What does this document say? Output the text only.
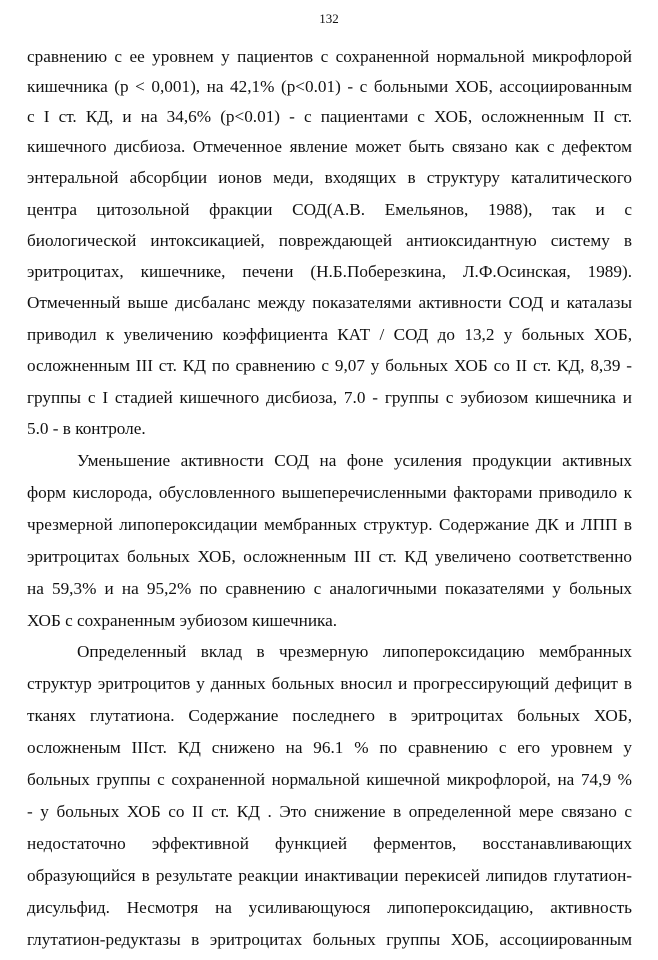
132
сравнению с ее уровнем у пациентов с сохраненной нормальной микрофлорой
кишечника (р < 0,001), на 42,1% (р<0.01) - с больными ХОБ, ассоциированным
с I ст. КД, и на 34,6% (р<0.01) - с пациентами с ХОБ, осложненным II ст.
кишечного дисбиоза. Отмеченное явление может быть связано как с дефектом
энтеральной абсорбции ионов меди, входящих в структуру каталитического
центра цитозольной фракции СОД(А.В. Емельянов, 1988), так и с
биологической интоксикацией, повреждающей антиоксидантную систему в
эритроцитах, кишечнике, печени (Н.Б.Поберезкина, Л.Ф.Осинская, 1989).
Отмеченный выше дисбаланс между показателями активности СОД и каталазы
приводил к увеличению коэффициента КАТ / СОД до 13,2 у больных ХОБ,
осложненным III ст. КД по сравнению с 9,07 у больных ХОБ со II ст. КД, 8,39 -
группы с I стадией кишечного дисбиоза, 7.0 - группы с эубиозом кишечника и
5.0 - в контроле.
Уменьшение активности СОД на фоне усиления продукции активных
форм кислорода, обусловленного вышеперечисленными факторами приводило к
чрезмерной липопероксидации мембранных структур. Содержание ДК и ЛПП в
эритроцитах больных ХОБ, осложненным III ст. КД увеличено соответственно
на 59,3% и на 95,2% по сравнению с аналогичными показателями у больных
ХОБ с сохраненным эубиозом кишечника.
Определенный вклад в чрезмерную липопероксидацию мембранных
структур эритроцитов у данных больных вносил и прогрессирующий дефицит в
тканях глутатиона. Содержание последнего в эритроцитах больных ХОБ,
осложненым IIIст. КД снижено на 96.1 % по сравнению с его уровнем у
больных группы с сохраненной нормальной кишечной микрофлорой, на 74,9 %
- у больных ХОБ со II ст. КД . Это снижение в определенной мере связано с
недостаточно эффективной функцией ферментов, восстанавливающих
образующийся в результате реакции инактивации перекисей липидов глутатион-
дисульфид. Несмотря на усиливающуюся липопероксидацию, активность
глутатион-редуктазы в эритроцитах больных группы ХОБ, ассоциированным
